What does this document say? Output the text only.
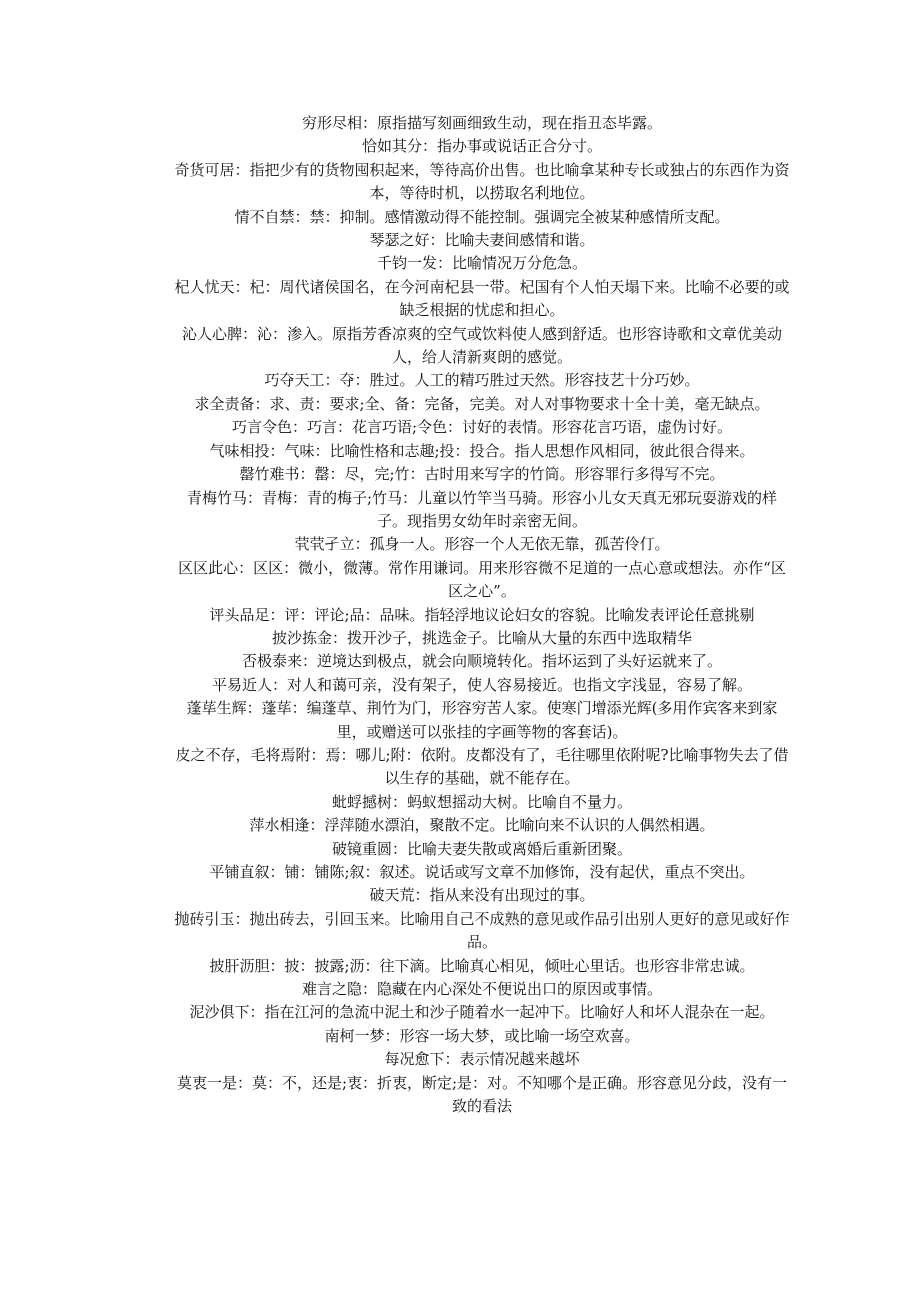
穷形尽相：原指描写刻画细致生动，现在指丑态毕露。

恰如其分：指办事或说话正合分寸。

奇货可居：指把少有的货物囤积起来，等待高价出售。也比喻拿某种专长或独占的东西作为资本，等待时机，以捞取名利地位。

情不自禁：禁：抑制。感情激动得不能控制。强调完全被某种感情所支配。

琴瑟之好：比喻夫妻间感情和谐。

千钧一发：比喻情况万分危急。

杞人忧天：杞：周代诸侯国名，在今河南杞县一带。杞国有个人怕天塌下来。比喻不必要的或缺乏根据的忧虑和担心。

沁人心脾：沁：渗入。原指芳香凉爽的空气或饮料使人感到舒适。也形容诗歌和文章优美动人，给人清新爽朗的感觉。

巧夺天工：夺：胜过。人工的精巧胜过天然。形容技艺十分巧妙。

求全责备：求、责：要求;全、备：完备，完美。对人对事物要求十全十美，毫无缺点。

巧言令色：巧言：花言巧语;令色：讨好的表情。形容花言巧语，虚伪讨好。

气味相投：气味：比喻性格和志趣;投：投合。指人思想作风相同，彼此很合得来。

罄竹难书：罄：尽，完;竹：古时用来写字的竹筒。形容罪行多得写不完。

青梅竹马：青梅：青的梅子;竹马：儿童以竹竿当马骑。形容小儿女天真无邪玩耍游戏的样子。现指男女幼年时亲密无间。

茕茕孑立：孤身一人。形容一个人无依无靠，孤苦伶仃。

区区此心：区区：微小，微薄。常作用谦词。用来形容微不足道的一点心意或想法。亦作“区区之心”。

评头品足：评：评论;品：品味。指轻浮地议论妇女的容貌。比喻发表评论任意挑剔

披沙拣金：拨开沙子，挑选金子。比喻从大量的东西中选取精华

否极泰来：逆境达到极点，就会向顺境转化。指坏运到了头好运就来了。

平易近人：对人和蔼可亲，没有架子，使人容易接近。也指文字浅显，容易了解。

蓬荜生辉：蓬荜：编蓬草、荆竹为门，形容穷苦人家。使寒门增添光辉(多用作宾客来到家里，或赠送可以张挂的字画等物的客套话)。

皮之不存，毛将焉附：焉：哪儿;附：依附。皮都没有了，毛往哪里依附呢?比喻事物失去了借以生存的基础，就不能存在。

蚍蜉撼树：蚂蚁想摇动大树。比喻自不量力。

萍水相逢：浮萍随水漂泊，聚散不定。比喻向来不认识的人偶然相遇。

破镜重圆：比喻夫妻失散或离婚后重新团聚。

平铺直叙：铺：铺陈;叙：叙述。说话或写文章不加修饰，没有起伏，重点不突出。

破天荒：指从来没有出现过的事。

抛砖引玉：抛出砖去，引回玉来。比喻用自己不成熟的意见或作品引出别人更好的意见或好作品。

披肝沥胆：披：披露;沥：往下滴。比喻真心相见，倾吐心里话。也形容非常忠诚。

难言之隐：隐藏在内心深处不便说出口的原因或事情。

泥沙俱下：指在江河的急流中泥土和沙子随着水一起冲下。比喻好人和坏人混杂在一起。

南柯一梦：形容一场大梦，或比喻一场空欢喜。

每况愈下：表示情况越来越坏

莫衷一是：莫：不，还是;衷：折衷，断定;是：对。不知哪个是正确。形容意见分歧，没有一致的看法
